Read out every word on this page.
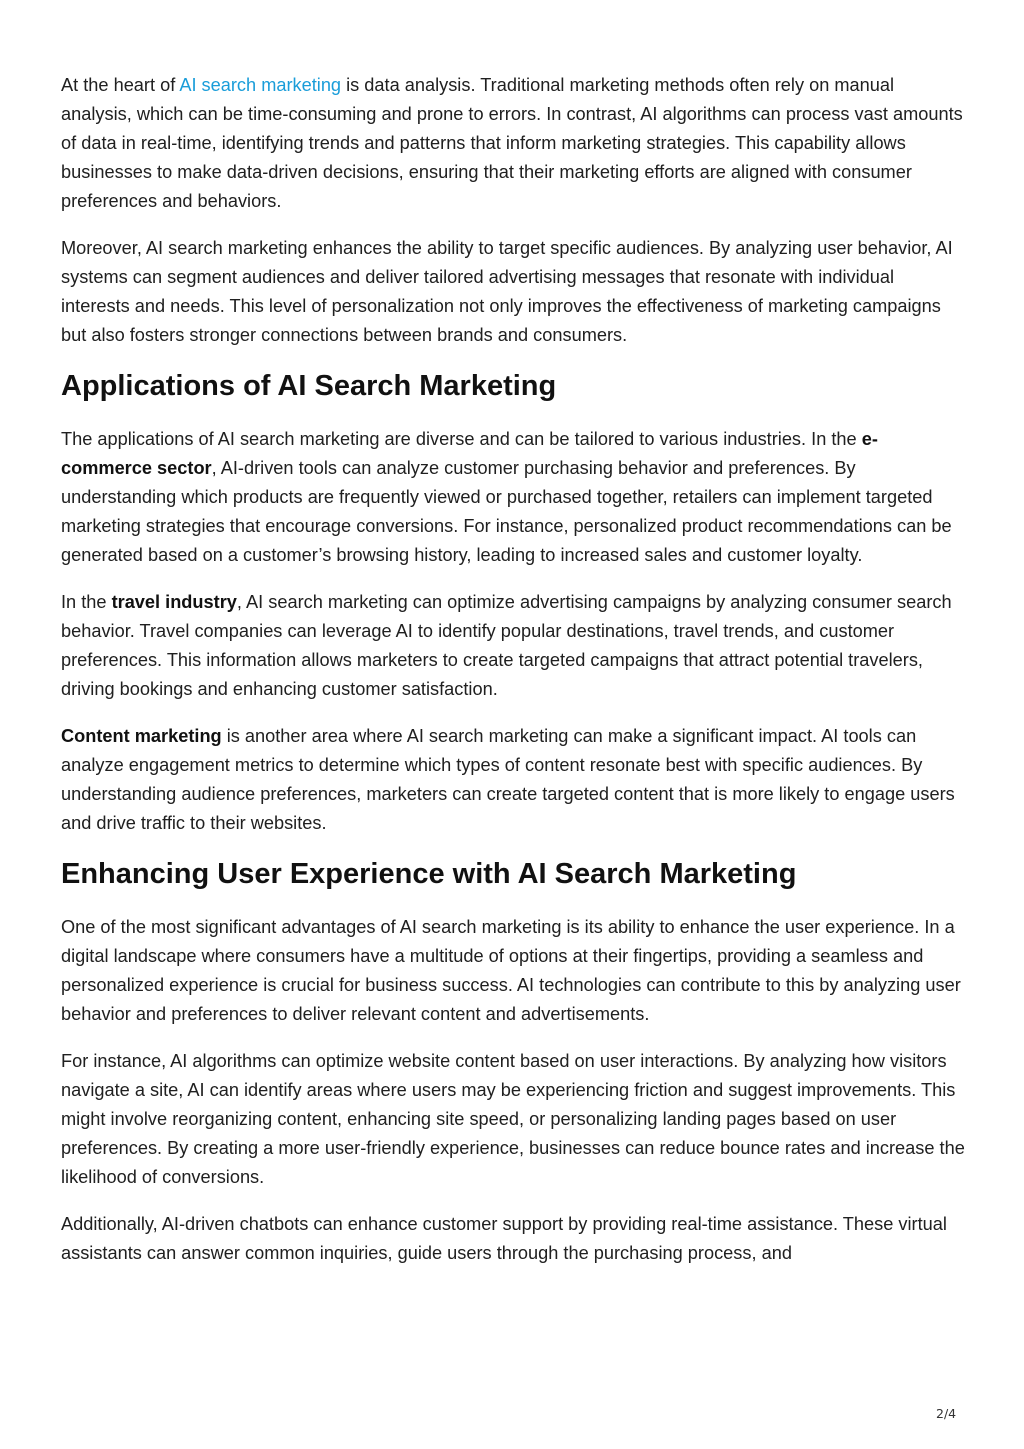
At the heart of AI search marketing is data analysis. Traditional marketing methods often rely on manual analysis, which can be time-consuming and prone to errors. In contrast, AI algorithms can process vast amounts of data in real-time, identifying trends and patterns that inform marketing strategies. This capability allows businesses to make data-driven decisions, ensuring that their marketing efforts are aligned with consumer preferences and behaviors.

Moreover, AI search marketing enhances the ability to target specific audiences. By analyzing user behavior, AI systems can segment audiences and deliver tailored advertising messages that resonate with individual interests and needs. This level of personalization not only improves the effectiveness of marketing campaigns but also fosters stronger connections between brands and consumers.

Applications of AI Search Marketing

The applications of AI search marketing are diverse and can be tailored to various industries. In the e-commerce sector, AI-driven tools can analyze customer purchasing behavior and preferences. By understanding which products are frequently viewed or purchased together, retailers can implement targeted marketing strategies that encourage conversions. For instance, personalized product recommendations can be generated based on a customer’s browsing history, leading to increased sales and customer loyalty.

In the travel industry, AI search marketing can optimize advertising campaigns by analyzing consumer search behavior. Travel companies can leverage AI to identify popular destinations, travel trends, and customer preferences. This information allows marketers to create targeted campaigns that attract potential travelers, driving bookings and enhancing customer satisfaction.

Content marketing is another area where AI search marketing can make a significant impact. AI tools can analyze engagement metrics to determine which types of content resonate best with specific audiences. By understanding audience preferences, marketers can create targeted content that is more likely to engage users and drive traffic to their websites.

Enhancing User Experience with AI Search Marketing

One of the most significant advantages of AI search marketing is its ability to enhance the user experience. In a digital landscape where consumers have a multitude of options at their fingertips, providing a seamless and personalized experience is crucial for business success. AI technologies can contribute to this by analyzing user behavior and preferences to deliver relevant content and advertisements.

For instance, AI algorithms can optimize website content based on user interactions. By analyzing how visitors navigate a site, AI can identify areas where users may be experiencing friction and suggest improvements. This might involve reorganizing content, enhancing site speed, or personalizing landing pages based on user preferences. By creating a more user-friendly experience, businesses can reduce bounce rates and increase the likelihood of conversions.

Additionally, AI-driven chatbots can enhance customer support by providing real-time assistance. These virtual assistants can answer common inquiries, guide users through the purchasing process, and

2/4
